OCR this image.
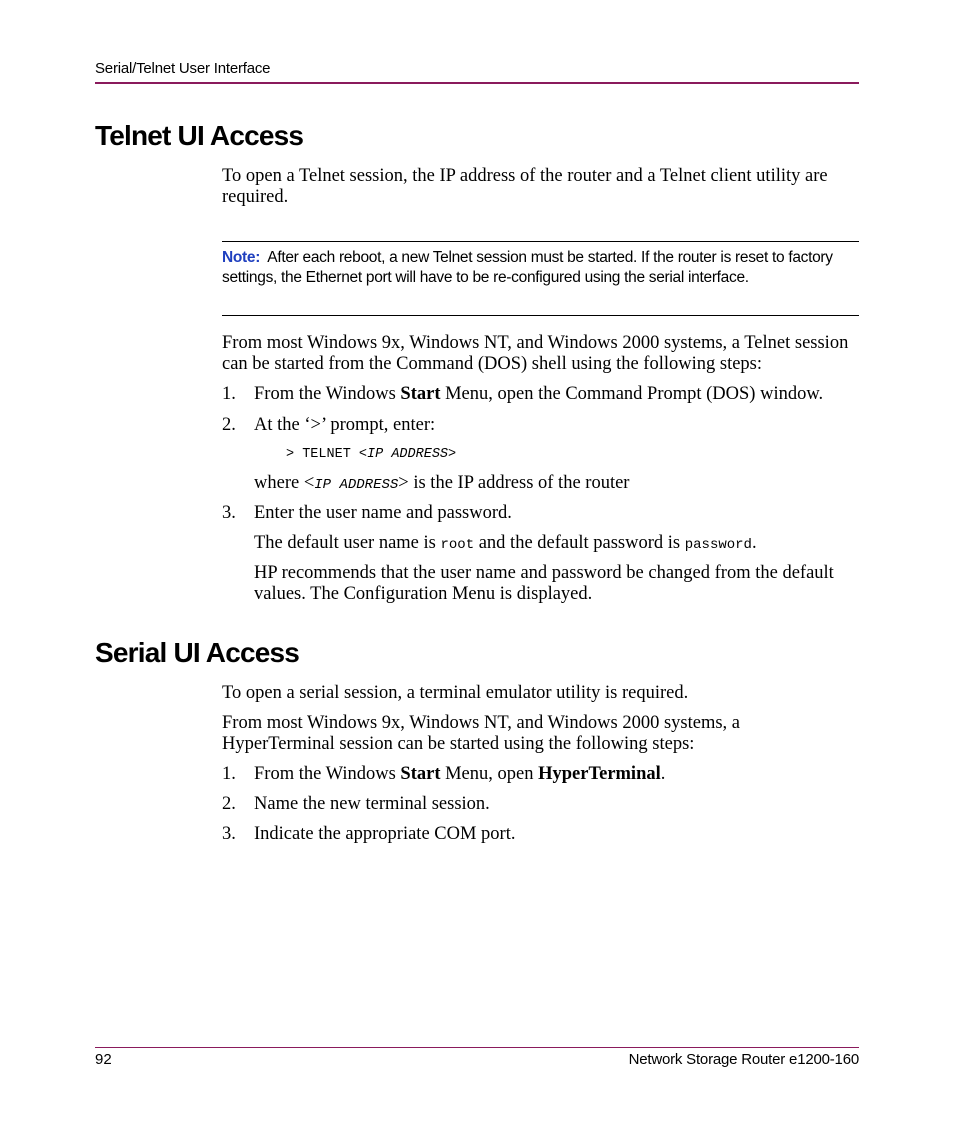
Serial/Telnet User Interface
Telnet UI Access

To open a Telnet session, the IP address of the router and a Telnet client utility are required.

Note: After each reboot, a new Telnet session must be started. If the router is reset to factory settings, the Ethernet port will have to be re-configured using the serial interface.

From most Windows 9x, Windows NT, and Windows 2000 systems, a Telnet session can be started from the Command (DOS) shell using the following steps:

1. From the Windows Start Menu, open the Command Prompt (DOS) window.

2. At the ‘>’ prompt, enter:

> TELNET <IP ADDRESS>

where <IP ADDRESS> is the IP address of the router

3. Enter the user name and password.

The default user name is root and the default password is password.

HP recommends that the user name and password be changed from the default values. The Configuration Menu is displayed.

Serial UI Access

To open a serial session, a terminal emulator utility is required.

From most Windows 9x, Windows NT, and Windows 2000 systems, a HyperTerminal session can be started using the following steps:

1. From the Windows Start Menu, open HyperTerminal.

2. Name the new terminal session.

3. Indicate the appropriate COM port.

92	Network Storage Router e1200-160
